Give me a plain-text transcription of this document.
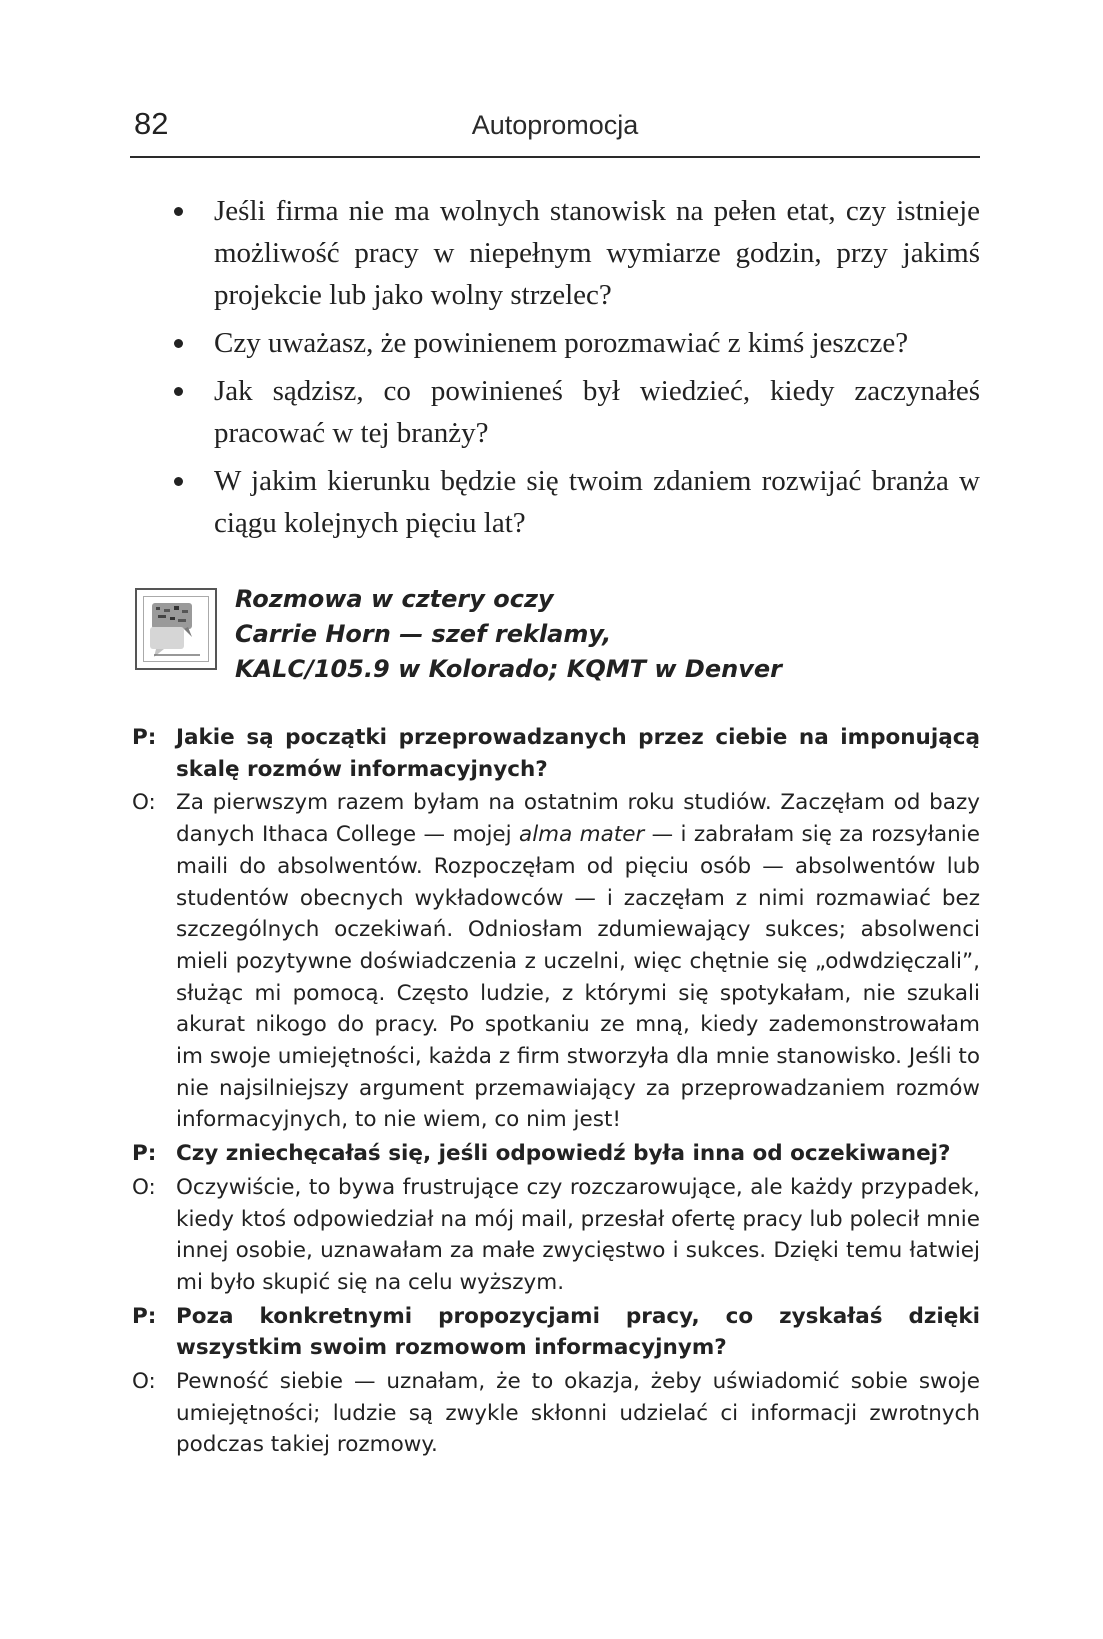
82	Autopromocja
Jeśli firma nie ma wolnych stanowisk na pełen etat, czy istnieje możliwość pracy w niepełnym wymiarze godzin, przy jakimś projekcie lub jako wolny strzelec?
Czy uważasz, że powinienem porozmawiać z kimś jeszcze?
Jak sądzisz, co powinieneś był wiedzieć, kiedy zaczynałeś pracować w tej branży?
W jakim kierunku będzie się twoim zdaniem rozwijać branża w ciągu kolejnych pięciu lat?
Rozmowa w cztery oczy
Carrie Horn — szef reklamy,
KALC/105.9 w Kolorado; KQMT w Denver
P: Jakie są początki przeprowadzanych przez ciebie na imponującą skalę rozmów informacyjnych?
O: Za pierwszym razem byłam na ostatnim roku studiów. Zaczęłam od bazy danych Ithaca College — mojej alma mater — i zabrałam się za rozsyłanie maili do absolwentów. Rozpoczęłam od pięciu osób — absolwentów lub studentów obecnych wykładowców — i zaczęłam z nimi rozmawiać bez szczególnych oczekiwań. Odniosłam zdumiewający sukces; absolwenci mieli pozytywne doświadczenia z uczelni, więc chętnie się „odwdzięczali”, służąc mi pomocą. Często ludzie, z którymi się spotykałam, nie szukali akurat nikogo do pracy. Po spotkaniu ze mną, kiedy zademonstrowałam im swoje umiejętności, każda z firm stworzyła dla mnie stanowisko. Jeśli to nie najsilniejszy argument przemawiający za przeprowadzaniem rozmów informacyjnych, to nie wiem, co nim jest!
P: Czy zniechęcałaś się, jeśli odpowiedź była inna od oczekiwanej?
O: Oczywiście, to bywa frustrujące czy rozczarowujące, ale każdy przypadek, kiedy ktoś odpowiedział na mój mail, przesłał ofertę pracy lub polecił mnie innej osobie, uznawałam za małe zwycięstwo i sukces. Dzięki temu łatwiej mi było skupić się na celu wyższym.
P: Poza konkretnymi propozycjami pracy, co zyskałaś dzięki wszystkim swoim rozmowom informacyjnym?
O: Pewność siebie — uznałam, że to okazja, żeby uświadomić sobie swoje umiejętności; ludzie są zwykle skłonni udzielać ci informacji zwrotnych podczas takiej rozmowy.
